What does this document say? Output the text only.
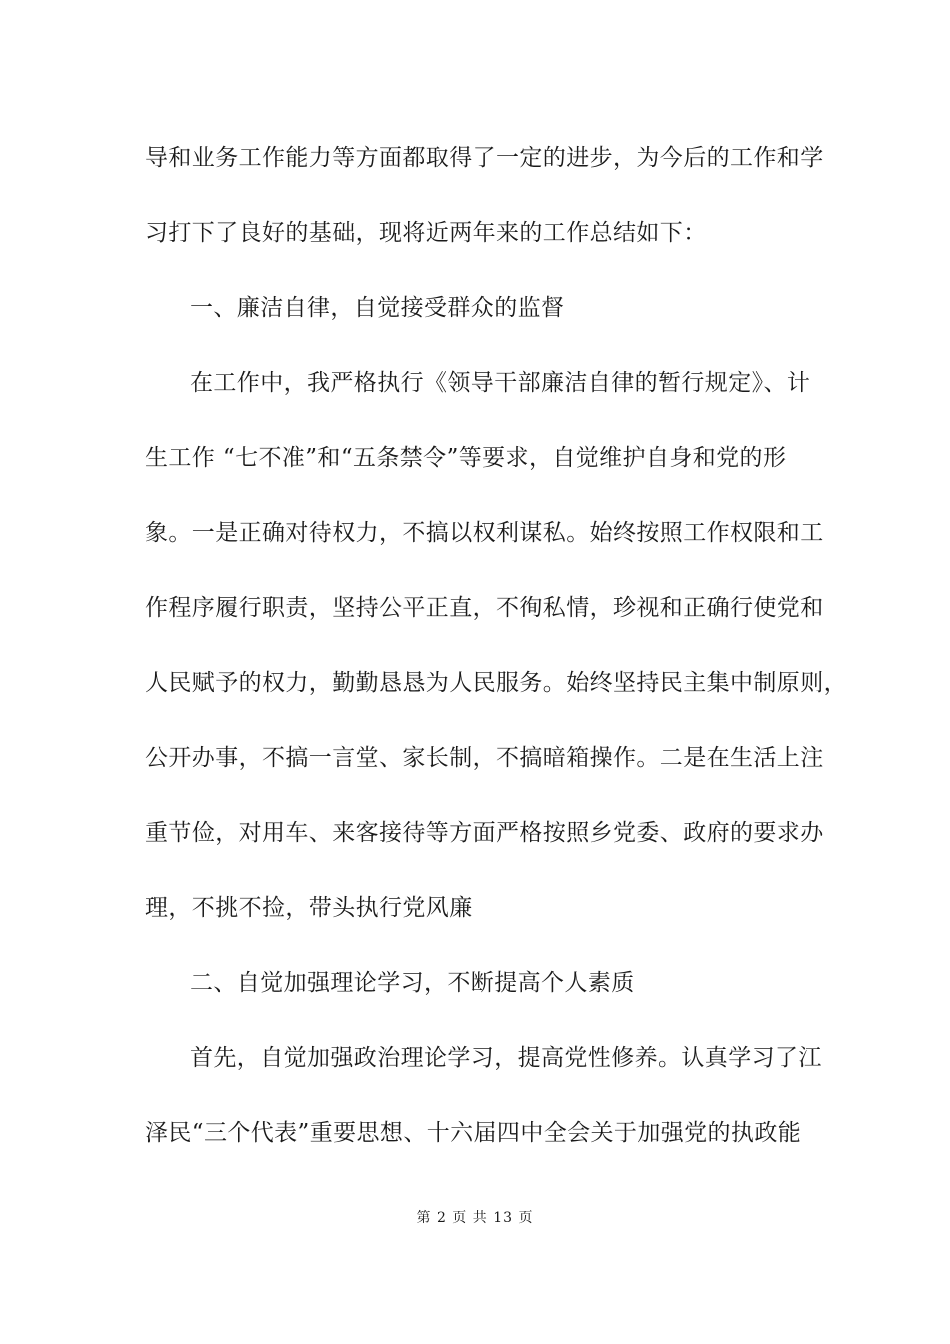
导和业务工作能力等方面都取得了一定的进步，为今后的工作和学
习打下了良好的基础，现将近两年来的工作总结如下：
一、廉洁自律，自觉接受群众的监督
在工作中，我严格执行《领导干部廉洁自律的暂行规定》、计
生工作 “七不准”和“五条禁令”等要求，自觉维护自身和党的形
象。一是正确对待权力，不搞以权利谋私。始终按照工作权限和工
作程序履行职责，坚持公平正直，不徇私情，珍视和正确行使党和
人民赋予的权力，勤勤恳恳为人民服务。始终坚持民主集中制原则，
公开办事，不搞一言堂、家长制，不搞暗箱操作。二是在生活上注
重节俭，对用车、来客接待等方面严格按照乡党委、政府的要求办
理，不挑不捡，带头执行党风廉
二、自觉加强理论学习，不断提高个人素质
首先，自觉加强政治理论学习，提高党性修养。认真学习了江
泽民“三个代表”重要思想、十六届四中全会关于加强党的执政能
第 2 页 共 13 页
